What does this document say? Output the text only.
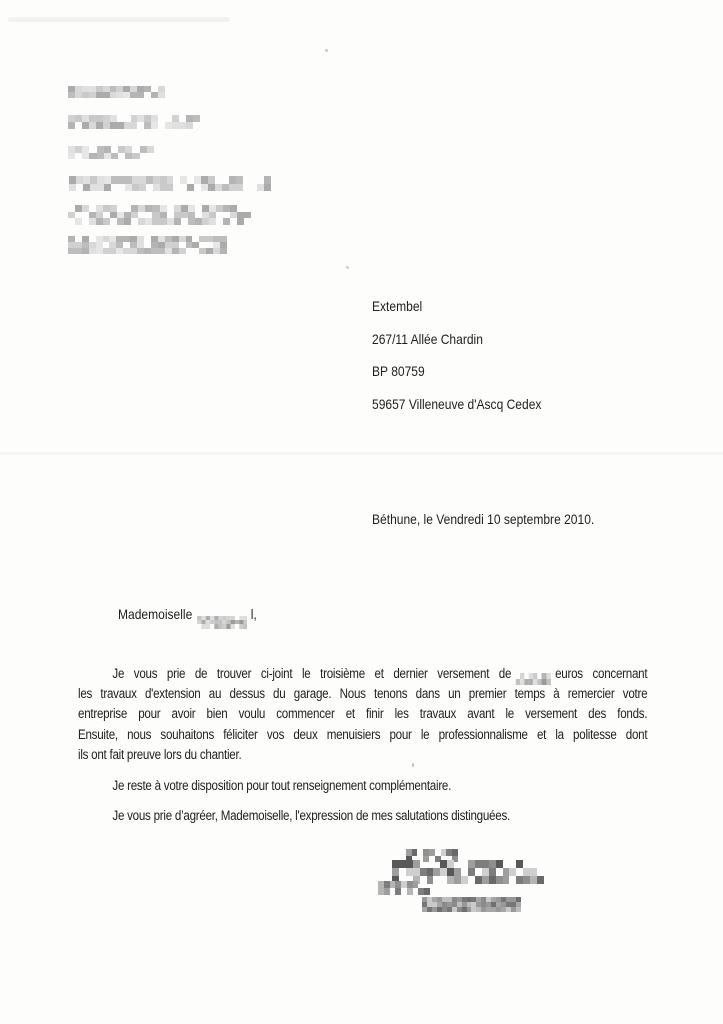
Extembel
267/11 Allée Chardin
BP 80759
59657 Villeneuve d'Ascq Cedex
Béthune, le Vendredi 10 septembre 2010.
Mademoiselle	l,
Je vous prie de trouver ci-joint le troisième et dernier versement de	euros concernant
les travaux d'extension au dessus du garage. Nous tenons dans un premier temps à remercier votre
entreprise pour avoir bien voulu commencer et finir les travaux avant le versement des fonds.
Ensuite, nous souhaitons féliciter vos deux menuisiers pour le professionnalisme et la politesse dont
ils ont fait preuve lors du chantier.
Je reste à votre disposition pour tout renseignement complémentaire.
Je vous prie d’agréer, Mademoiselle, l'expression de mes salutations distinguées.
